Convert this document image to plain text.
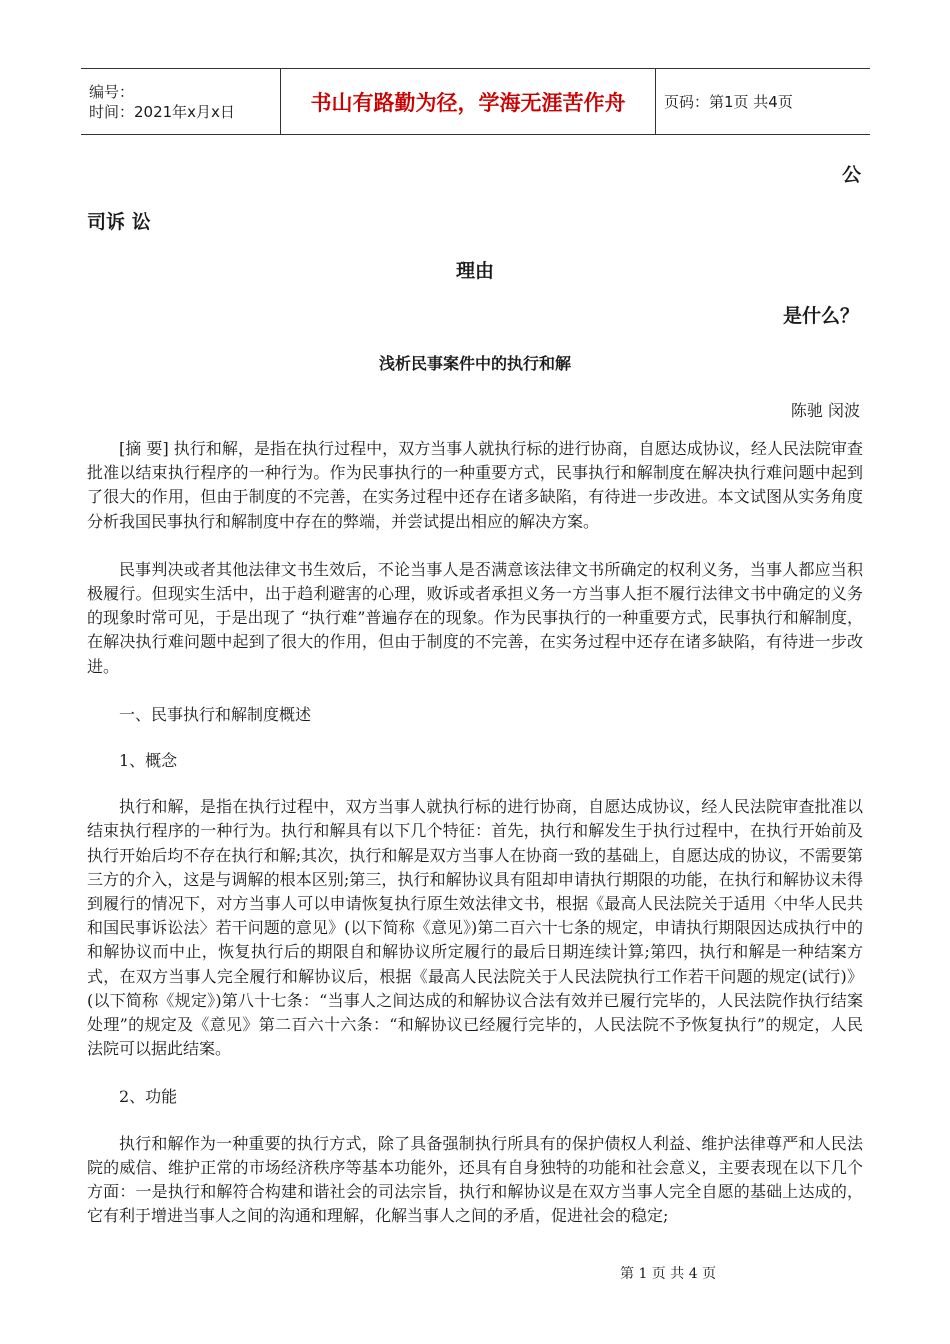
编号：
时间：2021年x月x日	书山有路勤为径，学海无涯苦作舟	页码：第1页 共4页
公
司诉 讼
理由
是什么？
浅析民事案件中的执行和解
陈驰 闵波

[摘 要] 执行和解，是指在执行过程中，双方当事人就执行标的进行协商，自愿达成协议，经人民法院审查批准以结束执行程序的一种行为。作为民事执行的一种重要方式，民事执行和解制度在解决执行难问题中起到了很大的作用，但由于制度的不完善，在实务过程中还存在诸多缺陷，有待进一步改进。本文试图从实务角度分析我国民事执行和解制度中存在的弊端，并尝试提出相应的解决方案。

民事判决或者其他法律文书生效后，不论当事人是否满意该法律文书所确定的权利义务，当事人都应当积极履行。但现实生活中，出于趋利避害的心理，败诉或者承担义务一方当事人拒不履行法律文书中确定的义务的现象时常可见，于是出现了 “执行难”普遍存在的现象。作为民事执行的一种重要方式，民事执行和解制度，在解决执行难问题中起到了很大的作用，但由于制度的不完善，在实务过程中还存在诸多缺陷，有待进一步改进。

一、民事执行和解制度概述

1、概念

执行和解，是指在执行过程中，双方当事人就执行标的进行协商，自愿达成协议，经人民法院审查批准以结束执行程序的一种行为。执行和解具有以下几个特征：首先，执行和解发生于执行过程中，在执行开始前及执行开始后均不存在执行和解;其次，执行和解是双方当事人在协商一致的基础上，自愿达成的协议，不需要第三方的介入，这是与调解的根本区别;第三，执行和解协议具有阻却申请执行期限的功能，在执行和解协议未得到履行的情况下，对方当事人可以申请恢复执行原生效法律文书，根据《最高人民法院关于适用〈中华人民共和国民事诉讼法〉若干问题的意见》(以下简称《意见》)第二百六十七条的规定，申请执行期限因达成执行中的和解协议而中止，恢复执行后的期限自和解协议所定履行的最后日期连续计算;第四，执行和解是一种结案方式，在双方当事人完全履行和解协议后，根据《最高人民法院关于人民法院执行工作若干问题的规定(试行)》(以下简称《规定》)第八十七条：“当事人之间达成的和解协议合法有效并已履行完毕的，人民法院作执行结案处理”的规定及《意见》第二百六十六条：“和解协议已经履行完毕的，人民法院不予恢复执行”的规定，人民法院可以据此结案。

2、功能

执行和解作为一种重要的执行方式，除了具备强制执行所具有的保护债权人利益、维护法律尊严和人民法院的威信、维护正常的市场经济秩序等基本功能外，还具有自身独特的功能和社会意义，主要表现在以下几个方面：一是执行和解符合构建和谐社会的司法宗旨，执行和解协议是在双方当事人完全自愿的基础上达成的，它有利于增进当事人之间的沟通和理解，化解当事人之间的矛盾，促进社会的稳定;

第 1 页 共 4 页
